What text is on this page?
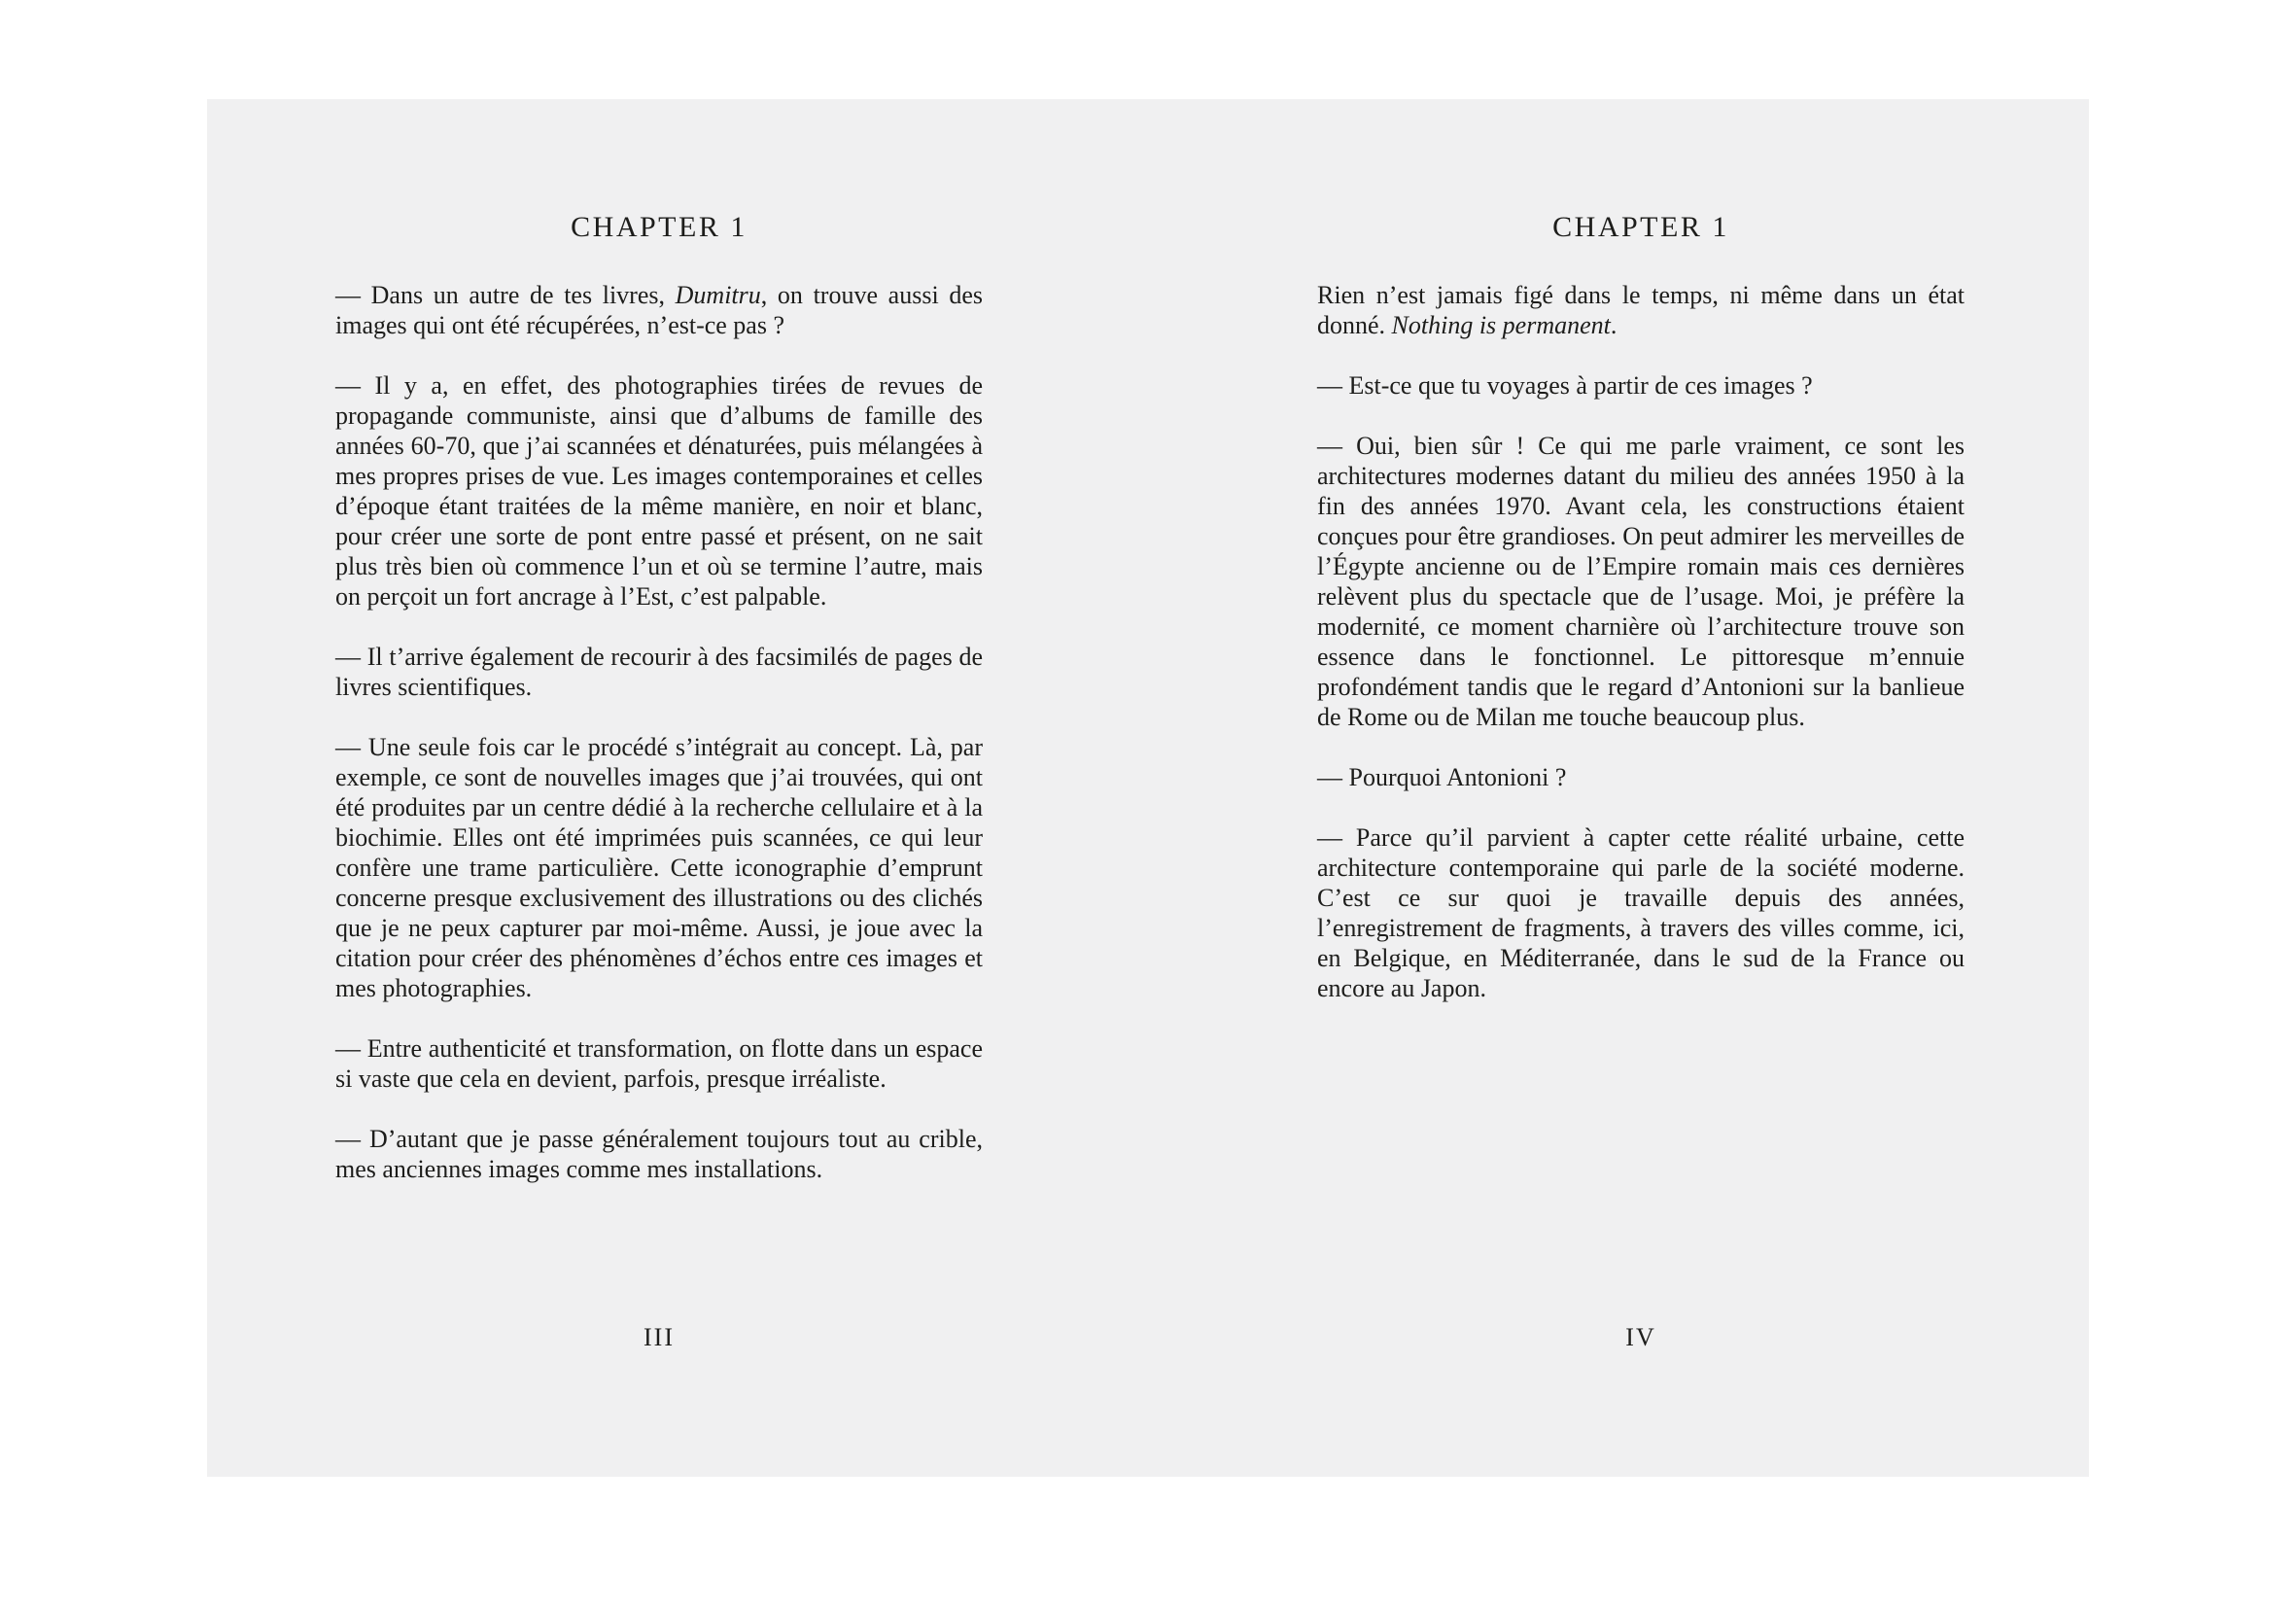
CHAPTER 1

— Dans un autre de tes livres, Dumitru, on trouve aussi des images qui ont été récupérées, n’est-ce pas ?

— Il y a, en effet, des photographies tirées de revues de propagande communiste, ainsi que d’albums de famille des années 60-70, que j’ai scannées et dénaturées, puis mélangées à mes propres prises de vue. Les images contemporaines et celles d’époque étant traitées de la même manière, en noir et blanc, pour créer une sorte de pont entre passé et présent, on ne sait plus très bien où commence l’un et où se termine l’autre, mais on perçoit un fort ancrage à l’Est, c’est palpable.

— Il t’arrive également de recourir à des facsimilés de pages de livres scientifiques.

— Une seule fois car le procédé s’intégrait au concept. Là, par exemple, ce sont de nouvelles images que j’ai trouvées, qui ont été produites par un centre dédié à la recherche cellulaire et à la biochimie. Elles ont été imprimées puis scannées, ce qui leur confère une trame particulière. Cette iconographie d’emprunt concerne presque exclusivement des illustrations ou des clichés que je ne peux capturer par moi-même. Aussi, je joue avec la citation pour créer des phénomènes d’échos entre ces images et mes photographies.

— Entre authenticité et transformation, on flotte dans un espace si vaste que cela en devient, parfois, presque irréaliste.

— D’autant que je passe généralement toujours tout au crible, mes anciennes images comme mes installations.

III
CHAPTER 1

Rien n’est jamais figé dans le temps, ni même dans un état donné. Nothing is permanent.

— Est-ce que tu voyages à partir de ces images ?

— Oui, bien sûr ! Ce qui me parle vraiment, ce sont les architectures modernes datant du milieu des années 1950 à la fin des années 1970. Avant cela, les constructions étaient conçues pour être grandioses. On peut admirer les merveilles de l’Égypte ancienne ou de l’Empire romain mais ces dernières relèvent plus du spectacle que de l’usage. Moi, je préfère la modernité, ce moment charnière où l’architecture trouve son essence dans le fonctionnel. Le pittoresque m’ennuie profondément tandis que le regard d’Antonioni sur la banlieue de Rome ou de Milan me touche beaucoup plus.

— Pourquoi Antonioni ?

— Parce qu’il parvient à capter cette réalité urbaine, cette architecture contemporaine qui parle de la société moderne. C’est ce sur quoi je travaille depuis des années, l’enregistrement de fragments, à travers des villes comme, ici, en Belgique, en Méditerranée, dans le sud de la France ou encore au Japon.

IV
